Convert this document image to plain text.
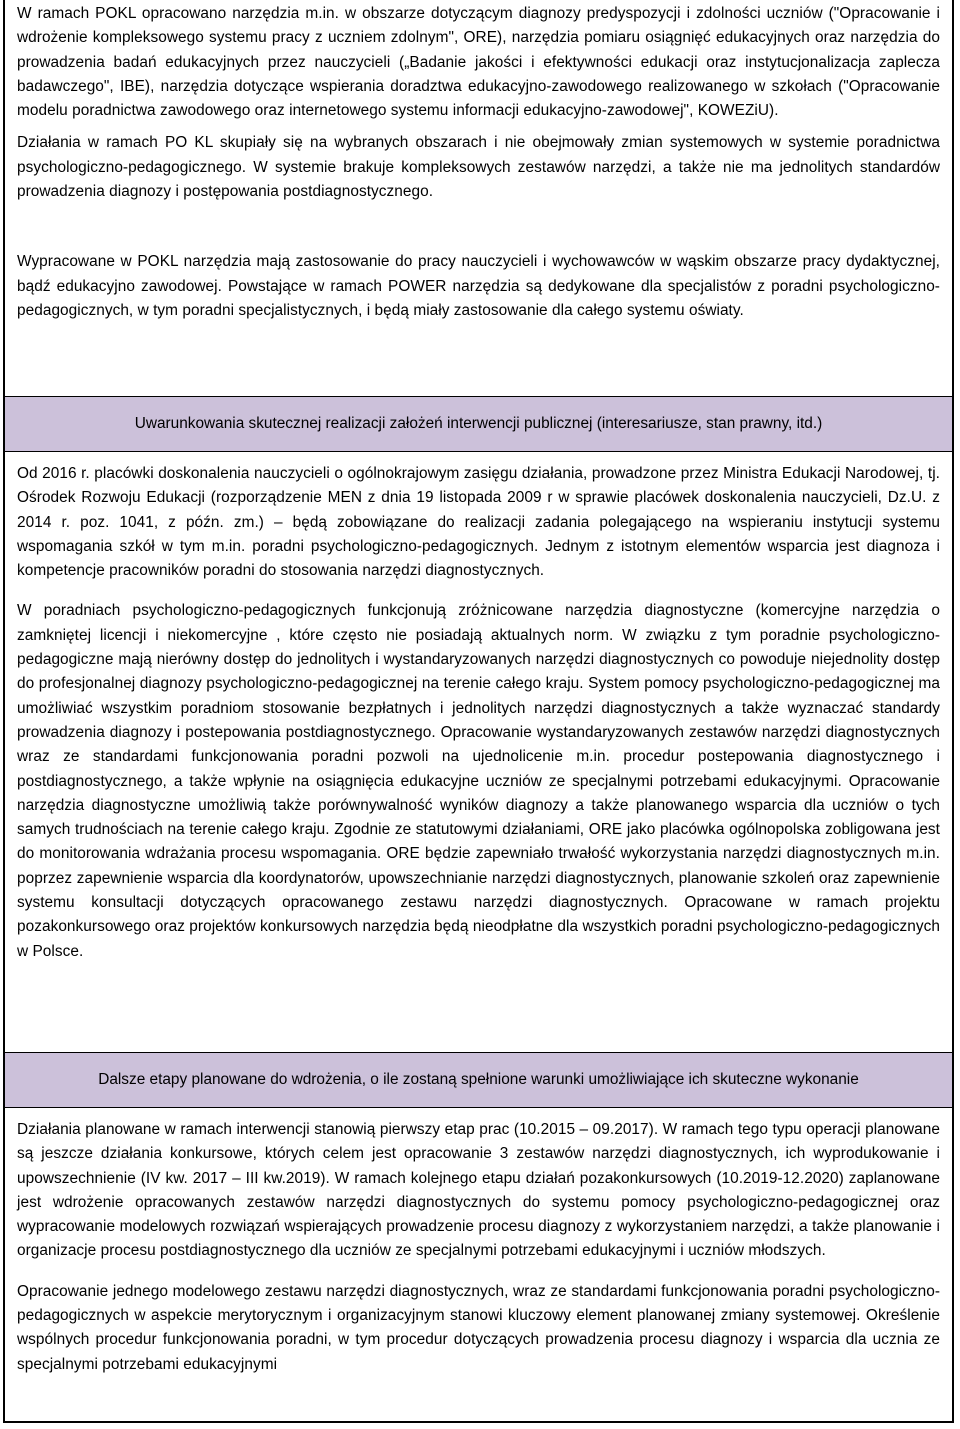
W ramach POKL opracowano narzędzia m.in. w obszarze dotyczącym diagnozy predyspozycji i zdolności uczniów ("Opracowanie i wdrożenie kompleksowego systemu pracy z uczniem zdolnym", ORE), narzędzia pomiaru osiągnięć edukacyjnych oraz narzędzia do prowadzenia badań edukacyjnych przez nauczycieli („Badanie jakości i efektywności edukacji oraz instytucjonalizacja zaplecza badawczego", IBE), narzędzia dotyczące wspierania doradztwa edukacyjno-zawodowego realizowanego w szkołach ("Opracowanie modelu poradnictwa zawodowego oraz internetowego systemu informacji edukacyjno-zawodowej", KOWEZiU).

Działania w ramach PO KL skupiały się na wybranych obszarach i nie obejmowały zmian systemowych w systemie poradnictwa psychologiczno-pedagogicznego. W systemie brakuje kompleksowych zestawów narzędzi, a także nie ma jednolitych standardów prowadzenia diagnozy i postępowania postdiagnostycznego.

Wypracowane w POKL narzędzia mają zastosowanie do pracy nauczycieli i wychowawców w wąskim obszarze pracy dydaktycznej, bądź edukacyjno zawodowej. Powstające w ramach POWER narzędzia są dedykowane dla specjalistów z poradni psychologiczno-pedagogicznych, w tym poradni specjalistycznych, i będą miały zastosowanie dla całego systemu oświaty.

Uwarunkowania skutecznej realizacji założeń interwencji publicznej (interesariusze, stan prawny, itd.)

Od 2016 r. placówki doskonalenia nauczycieli o ogólnokrajowym zasięgu działania, prowadzone przez Ministra Edukacji Narodowej, tj. Ośrodek Rozwoju Edukacji (rozporządzenie MEN z dnia 19 listopada 2009 r w sprawie placówek doskonalenia nauczycieli, Dz.U. z 2014 r. poz. 1041, z późn. zm.) – będą zobowiązane do realizacji zadania polegającego na wspieraniu instytucji systemu wspomagania szkół w tym m.in. poradni psychologiczno-pedagogicznych. Jednym z istotnym elementów wsparcia jest diagnoza i kompetencje pracowników poradni do stosowania narzędzi diagnostycznych.

W poradniach psychologiczno-pedagogicznych funkcjonują zróżnicowane narzędzia diagnostyczne (komercyjne narzędzia o zamkniętej licencji i niekomercyjne , które często nie posiadają aktualnych norm. W związku z tym poradnie psychologiczno-pedagogiczne mają nierówny dostęp do jednolitych i wystandaryzowanych narzędzi diagnostycznych co powoduje niejednolity dostęp do profesjonalnej diagnozy psychologiczno-pedagogicznej na terenie całego kraju. System pomocy psychologiczno-pedagogicznej ma umożliwiać wszystkim poradniom stosowanie bezpłatnych i jednolitych narzędzi diagnostycznych a także wyznaczać standardy prowadzenia diagnozy i postepowania postdiagnostycznego. Opracowanie wystandaryzowanych zestawów narzędzi diagnostycznych wraz ze standardami funkcjonowania poradni pozwoli na ujednolicenie m.in. procedur postepowania diagnostycznego i postdiagnostycznego, a także wpłynie na osiągnięcia edukacyjne uczniów ze specjalnymi potrzebami edukacyjnymi. Opracowanie narzędzia diagnostyczne umożliwią także porównywalność wyników diagnozy a także planowanego wsparcia dla uczniów o tych samych trudnościach na terenie całego kraju. Zgodnie ze statutowymi działaniami, ORE jako placówka ogólnopolska zobligowana jest do monitorowania wdrażania procesu wspomagania. ORE będzie zapewniało trwałość wykorzystania narzędzi diagnostycznych m.in. poprzez zapewnienie wsparcia dla koordynatorów, upowszechnianie narzędzi diagnostycznych, planowanie szkoleń oraz zapewnienie systemu konsultacji dotyczących opracowanego zestawu narzędzi diagnostycznych. Opracowane w ramach projektu pozakonkursowego oraz projektów konkursowych narzędzia będą nieodpłatne dla wszystkich poradni psychologiczno-pedagogicznych w Polsce.

Dalsze etapy planowane do wdrożenia, o ile zostaną spełnione warunki umożliwiające ich skuteczne wykonanie

Działania planowane w ramach interwencji stanowią pierwszy etap prac (10.2015 – 09.2017). W ramach tego typu operacji planowane są jeszcze działania konkursowe, których celem jest opracowanie 3 zestawów narzędzi diagnostycznych, ich wyprodukowanie i upowszechnienie (IV kw. 2017 – III kw.2019). W ramach kolejnego etapu działań pozakonkursowych (10.2019-12.2020) zaplanowane jest wdrożenie opracowanych zestawów narzędzi diagnostycznych do systemu pomocy psychologiczno-pedagogicznej oraz wypracowanie modelowych rozwiązań wspierających prowadzenie procesu diagnozy z wykorzystaniem narzędzi, a także planowanie i organizacje procesu postdiagnostycznego dla uczniów ze specjalnymi potrzebami edukacyjnymi i uczniów młodszych.

Opracowanie jednego modelowego zestawu narzędzi diagnostycznych, wraz ze standardami funkcjonowania poradni psychologiczno-pedagogicznych w aspekcie merytorycznym i organizacyjnym stanowi kluczowy element planowanej zmiany systemowej. Określenie wspólnych procedur funkcjonowania poradni, w tym procedur dotyczących prowadzenia procesu diagnozy i wsparcia dla ucznia ze specjalnymi potrzebami edukacyjnymi
